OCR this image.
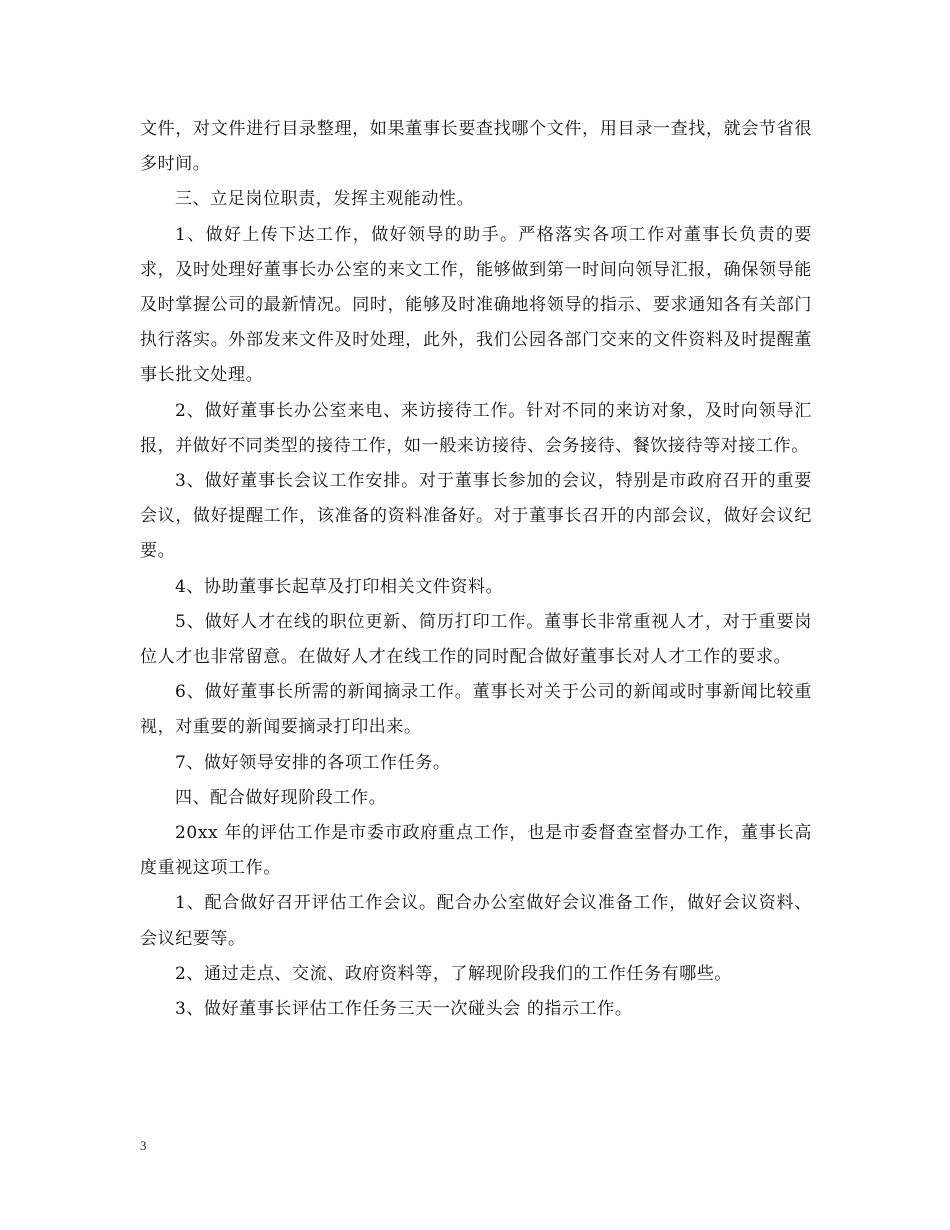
文件，对文件进行目录整理，如果董事长要查找哪个文件，用目录一查找，就会节省很多时间。

三、立足岗位职责，发挥主观能动性。

1、做好上传下达工作，做好领导的助手。严格落实各项工作对董事长负责的要求，及时处理好董事长办公室的来文工作，能够做到第一时间向领导汇报，确保领导能及时掌握公司的最新情况。同时，能够及时准确地将领导的指示、要求通知各有关部门执行落实。外部发来文件及时处理，此外，我们公园各部门交来的文件资料及时提醒董事长批文处理。

2、做好董事长办公室来电、来访接待工作。针对不同的来访对象，及时向领导汇报，并做好不同类型的接待工作，如一般来访接待、会务接待、餐饮接待等对接工作。

3、做好董事长会议工作安排。对于董事长参加的会议，特别是市政府召开的重要会议，做好提醒工作，该准备的资料准备好。对于董事长召开的内部会议，做好会议纪要。

4、协助董事长起草及打印相关文件资料。

5、做好人才在线的职位更新、简历打印工作。董事长非常重视人才，对于重要岗位人才也非常留意。在做好人才在线工作的同时配合做好董事长对人才工作的要求。

6、做好董事长所需的新闻摘录工作。董事长对关于公司的新闻或时事新闻比较重视，对重要的新闻要摘录打印出来。

7、做好领导安排的各项工作任务。

四、配合做好现阶段工作。

20xx 年的评估工作是市委市政府重点工作，也是市委督查室督办工作，董事长高度重视这项工作。

1、配合做好召开评估工作会议。配合办公室做好会议准备工作，做好会议资料、会议纪要等。

2、通过走点、交流、政府资料等，了解现阶段我们的工作任务有哪些。

3、做好董事长评估工作任务三天一次碰头会 的指示工作。

3
